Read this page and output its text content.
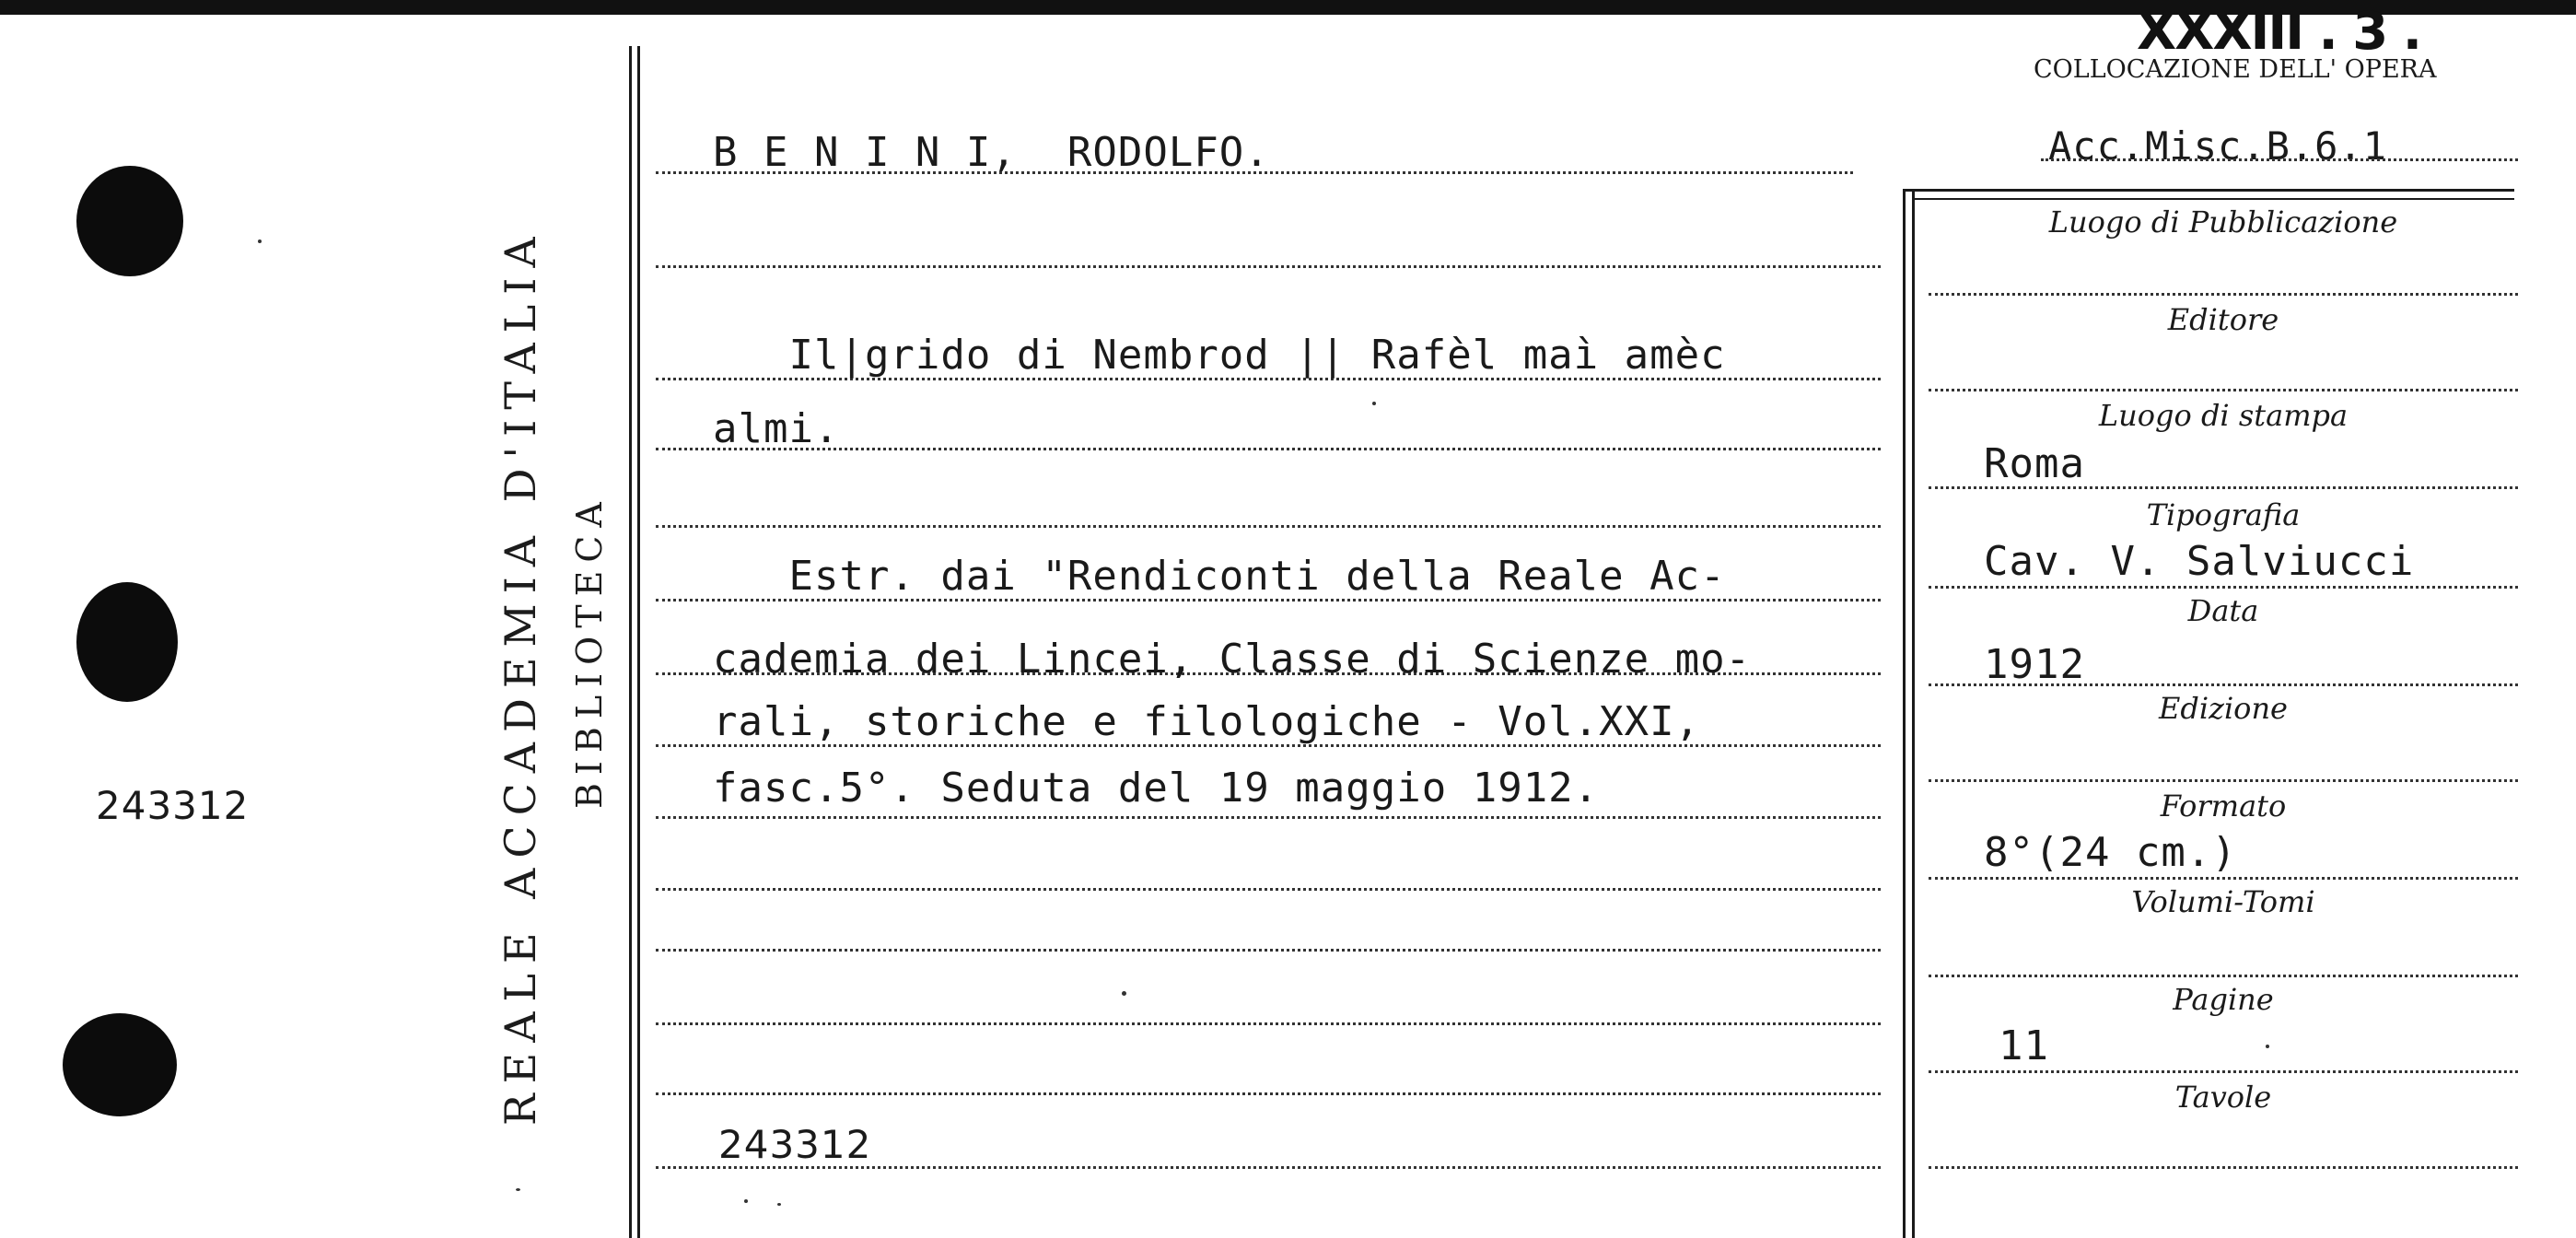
243312	REALE ACCADEMIA D'ITALIA BIBLIOTECA
XXXIII . 3 .
COLLOCAZIONE DELL' OPERA
Acc.Misc.B.6.1
B E N I N I,  RODOLFO.
Il|grido di Nembrod || Rafèl maì amèc
almi.
Estr. dai "Rendiconti della Reale Ac-
cademia dei Lincei, Classe di Scienze mo-
rali, storiche e filologiche - Vol.XXI,
fasc.5°. Seduta del 19 maggio 1912.
243312
Luogo di Pubblicazione
Editore
Luogo di stampa
Roma
Tipografia
Cav. V. Salviucci
Data
1912
Edizione
Formato
8°(24 cm.)
Volumi-Tomi
Pagine
11
Tavole
